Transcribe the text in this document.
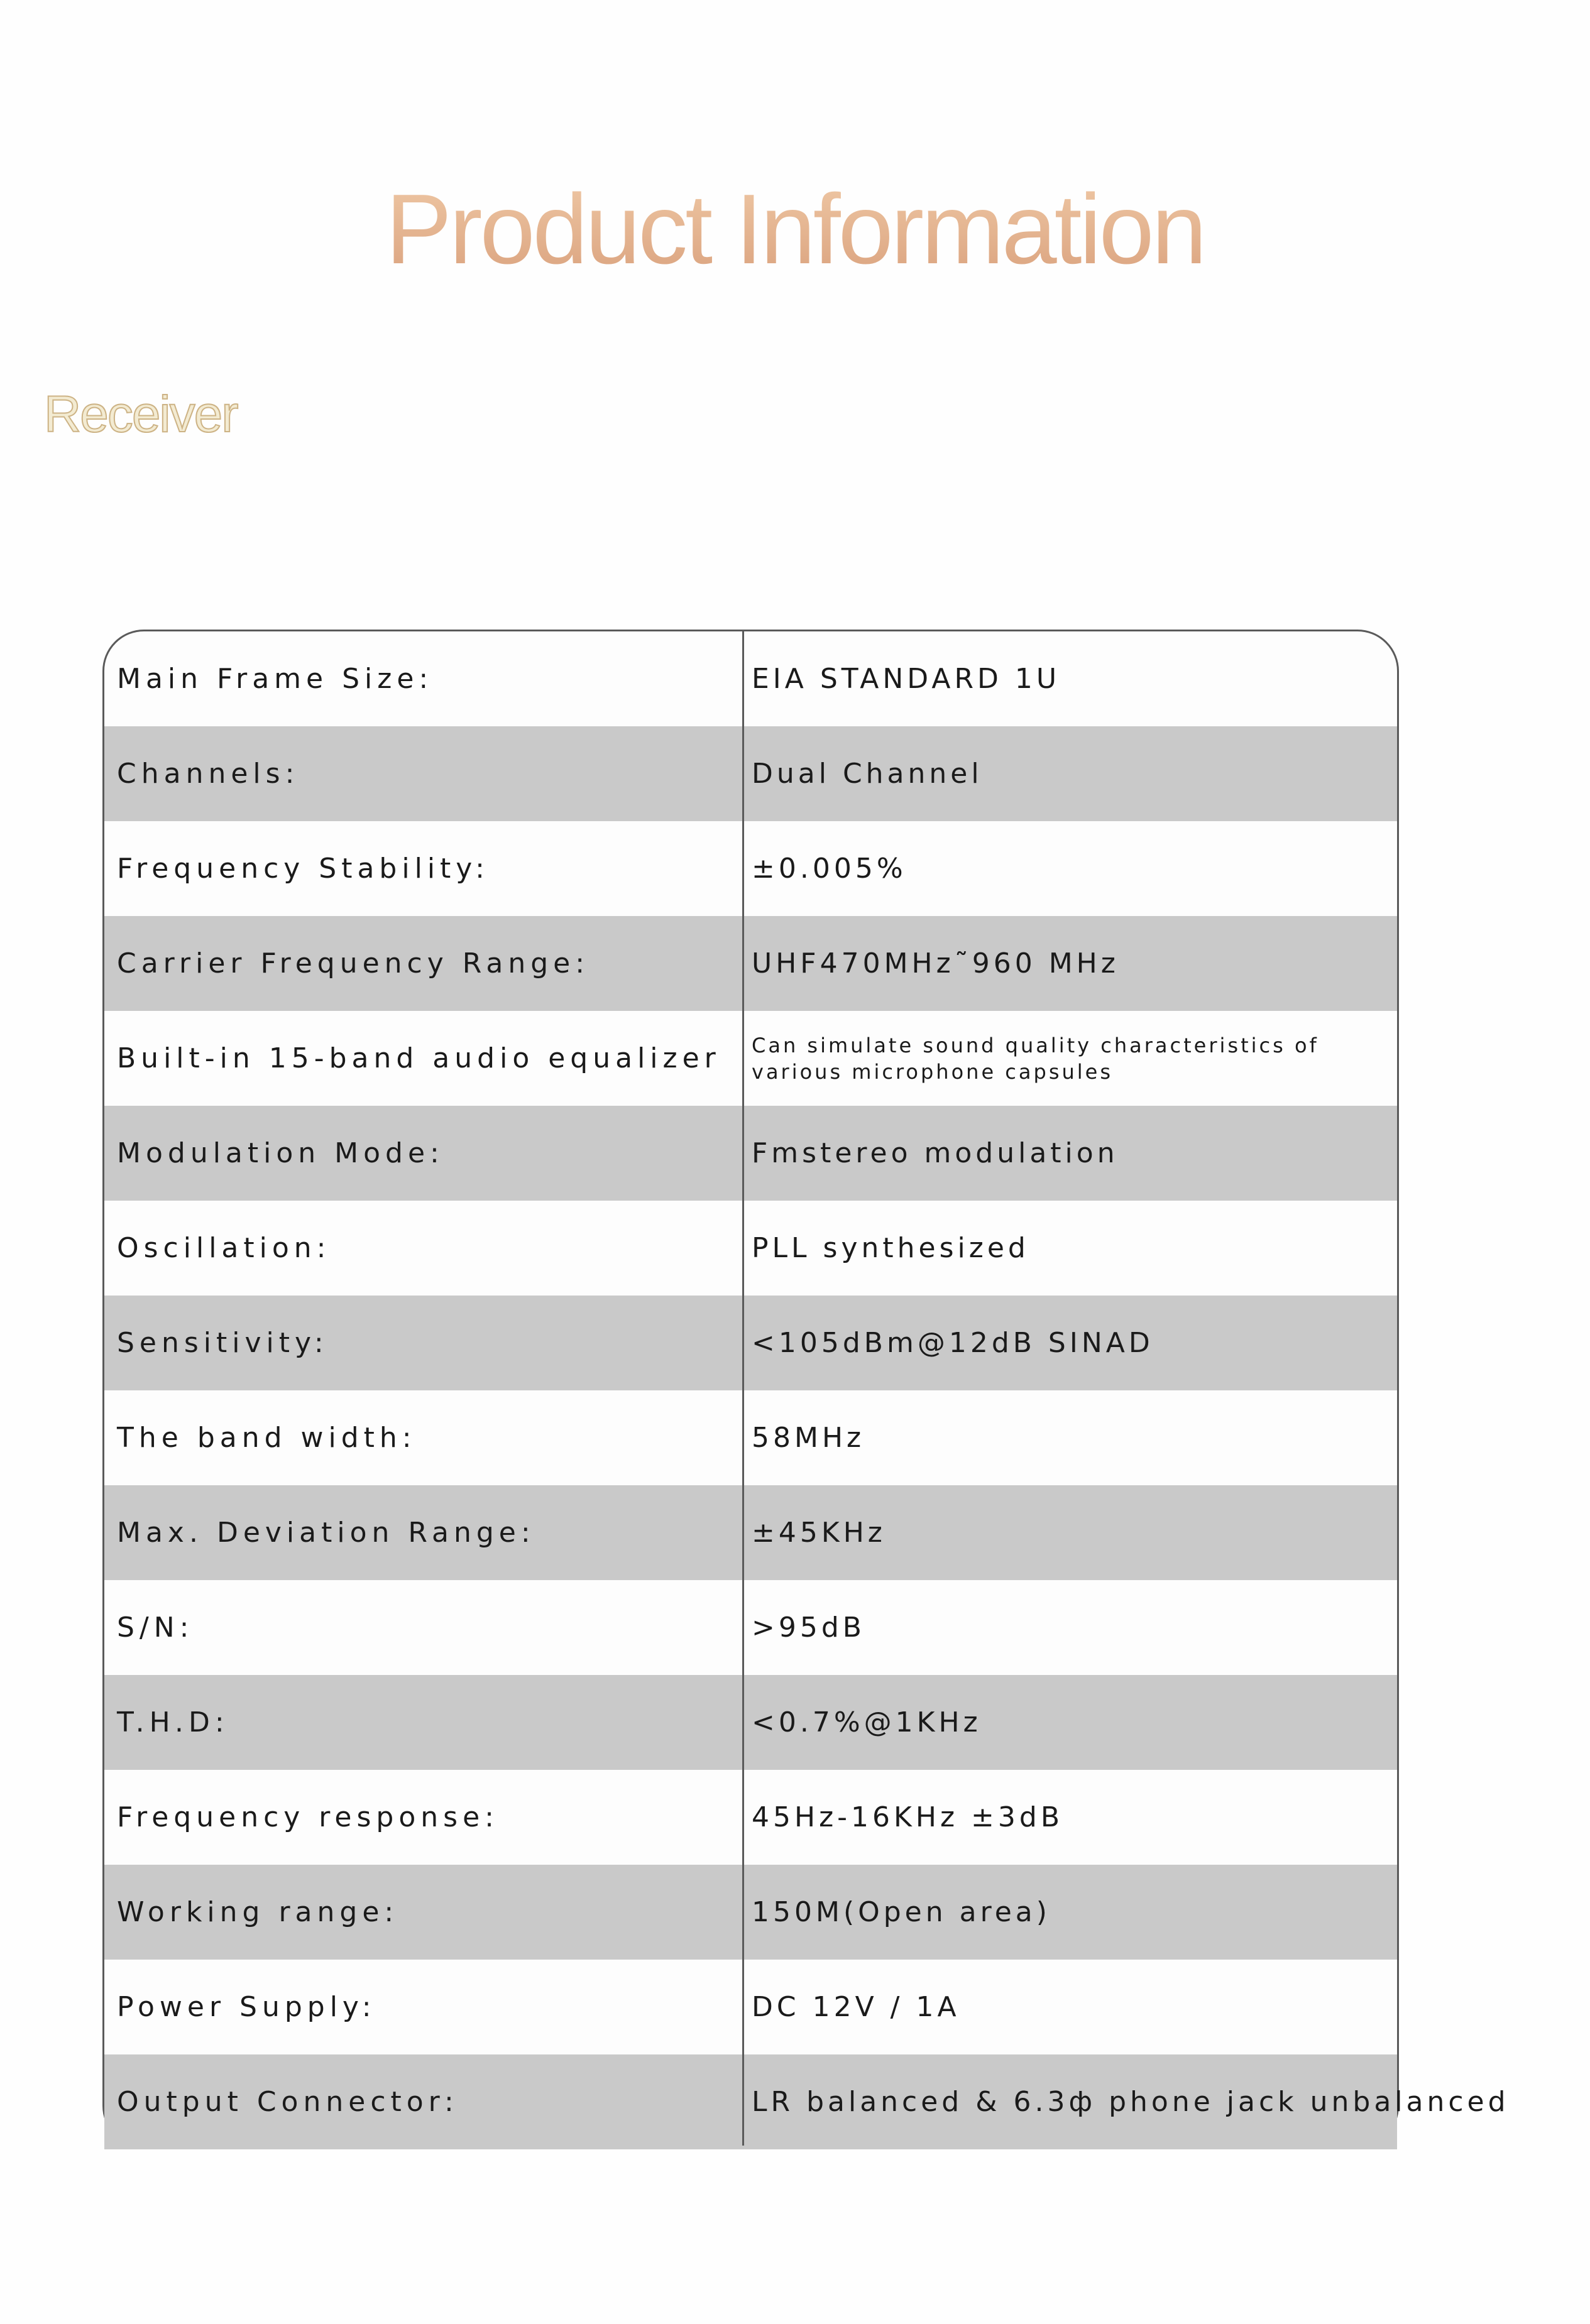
Product Information
Receiver
Main Frame Size:	EIA STANDARD 1U
Channels:	Dual Channel
Frequency Stability:	±0.005%
Carrier Frequency Range:	UHF470MHz˜960 MHz
Built-in 15-band audio equalizer	Can simulate sound quality characteristics of various microphone capsules
Modulation Mode:	Fmstereo modulation
Oscillation:	PLL synthesized
Sensitivity:	<105dBm@12dB SINAD
The band width:	58MHz
Max. Deviation Range:	±45KHz
S/N:	>95dB
T.H.D:	<0.7%@1KHz
Frequency response:	45Hz-16KHz ±3dB
Working range:	150M(Open area)
Power Supply:	DC 12V / 1A
Output Connector:	LR balanced & 6.3ф phone jack unbalanced
